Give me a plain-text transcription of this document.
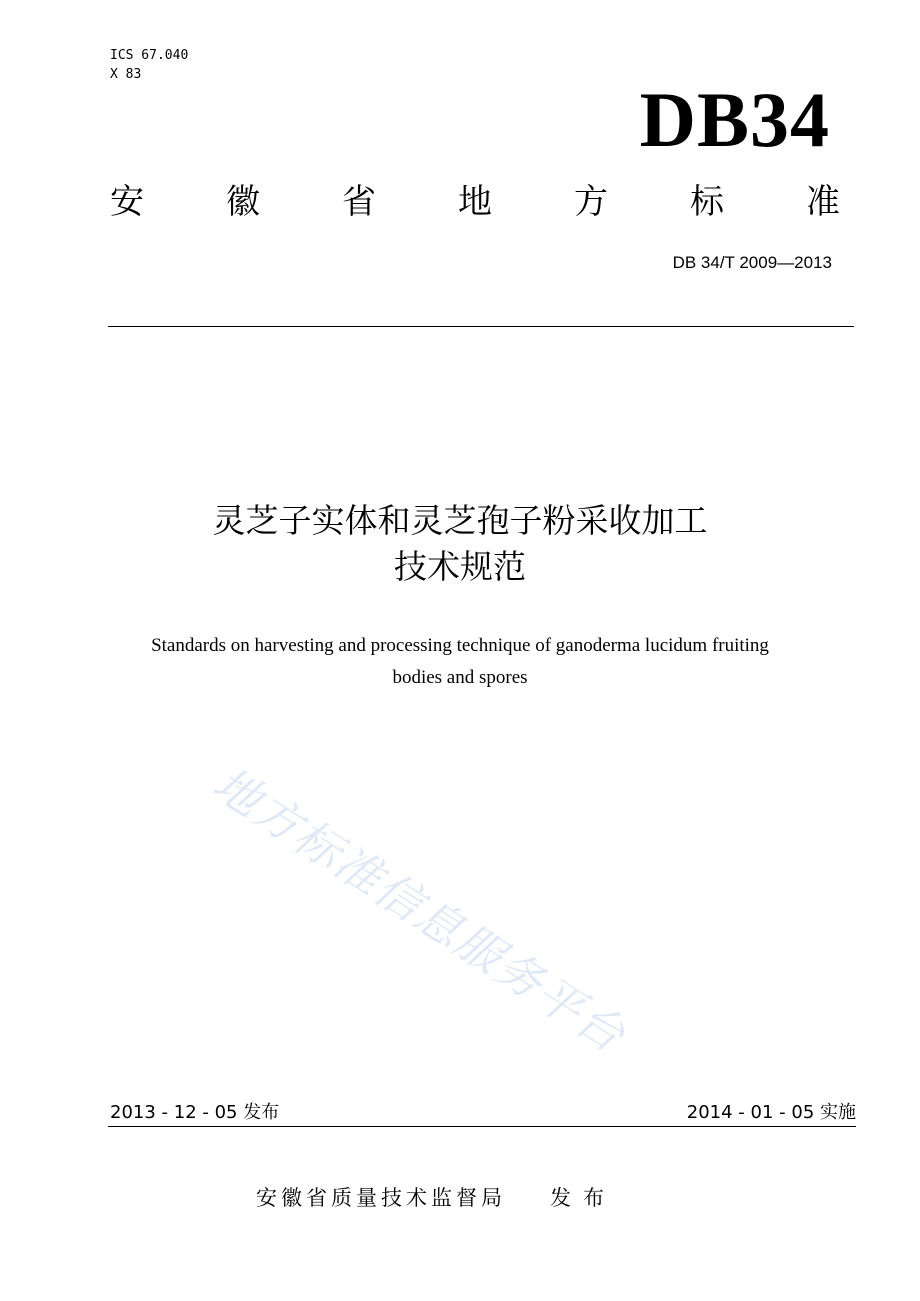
ICS 67.040
X 83
DB34
安 徽 省 地 方 标 准
DB 34/T 2009—2013
灵芝子实体和灵芝孢子粉采收加工
技术规范
Standards on harvesting and processing technique of ganoderma lucidum fruiting
bodies and spores
地方标准信息服务平台
2013 - 12 - 05 发布	2014 - 01 - 05 实施
安徽省质量技术监督局 发布
